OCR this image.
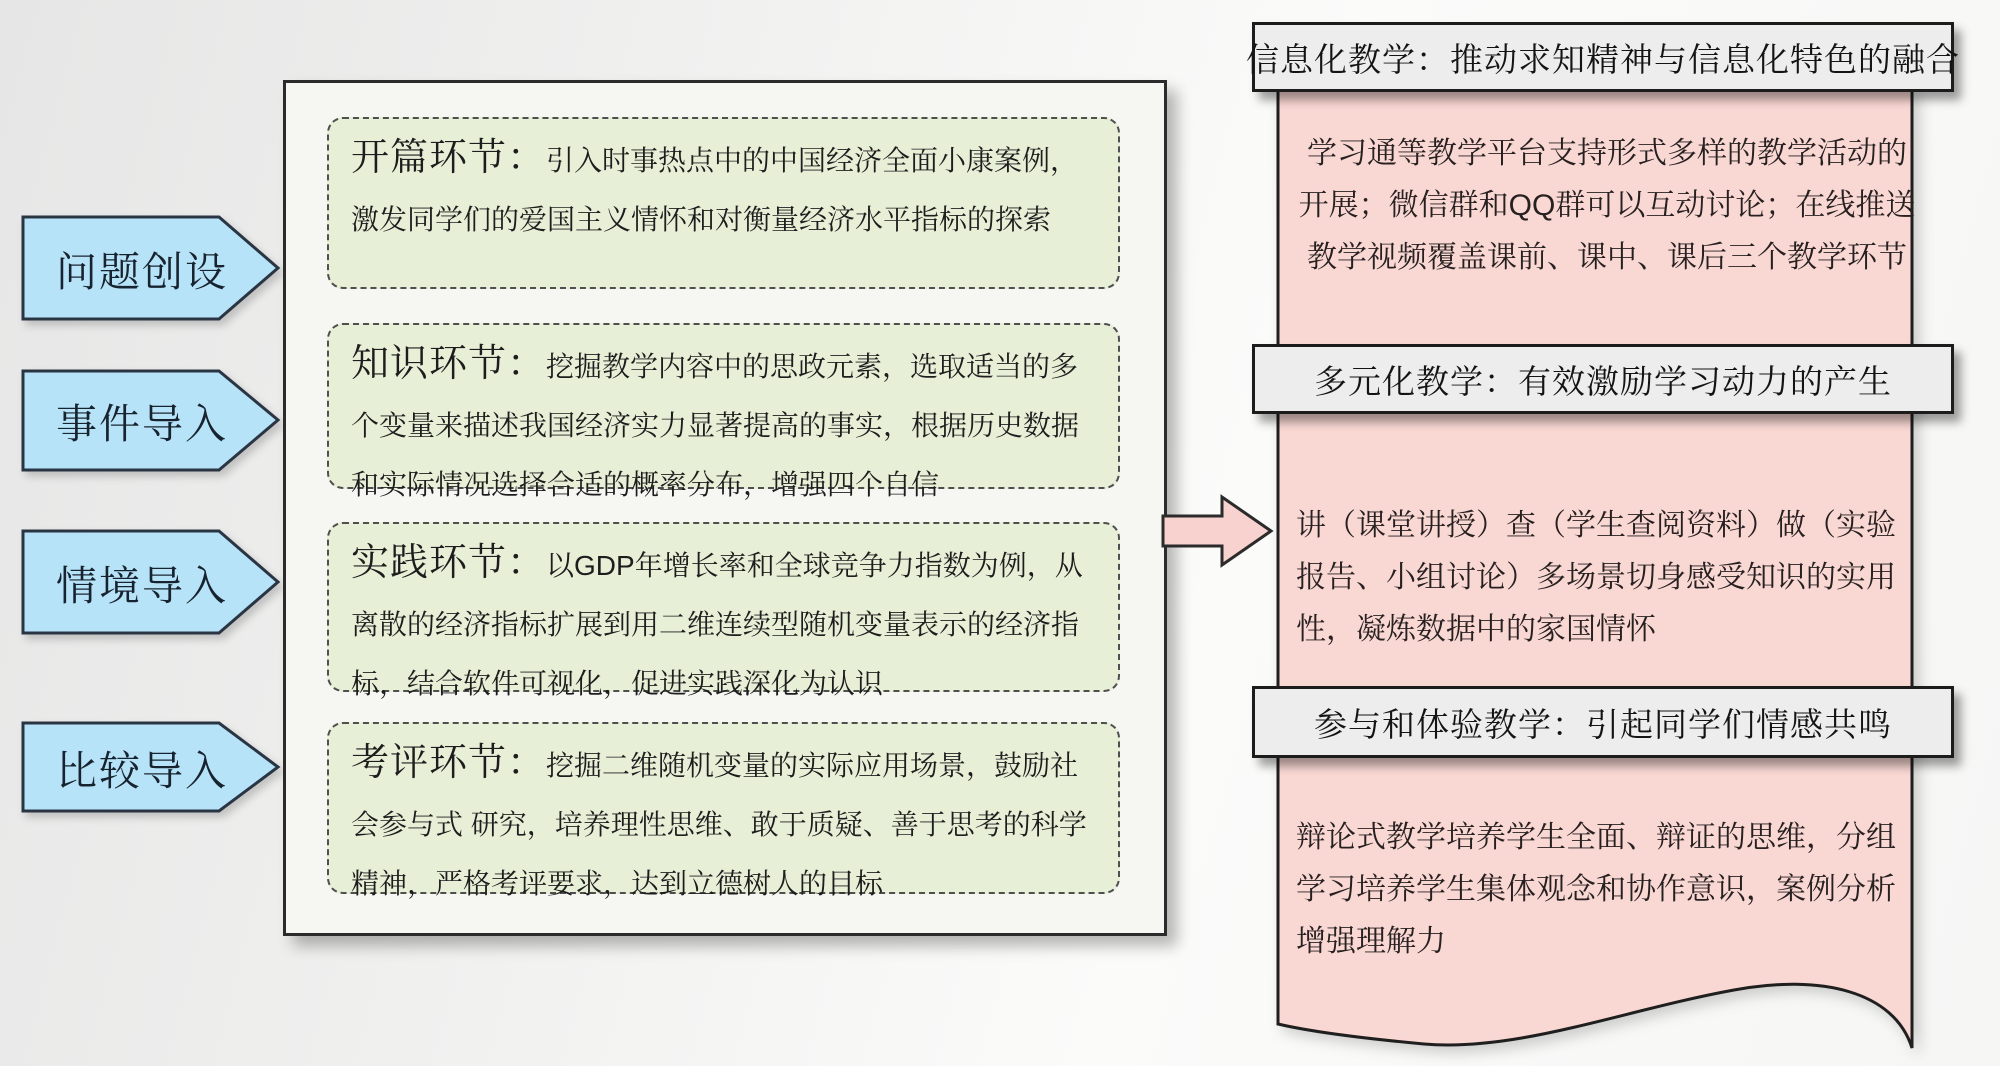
问题创设
事件导入
情境导入
比较导入
开篇环节：引入时事热点中的中国经济全面小康案例，激发同学们的爱国主义情怀和对衡量经济水平指标的探索
知识环节：挖掘教学内容中的思政元素，选取适当的多个变量来描述我国经济实力显著提高的事实，根据历史数据和实际情况选择合适的概率分布，增强四个自信
实践环节：以GDP年增长率和全球竞争力指数为例，从离散的经济指标扩展到用二维连续型随机变量表示的经济指标，结合软件可视化，促进实践深化为认识
考评环节：挖掘二维随机变量的实际应用场景，鼓励社会参与式 研究，培养理性思维、敢于质疑、善于思考的科学精神，严格考评要求，达到立德树人的目标
信息化教学：推动求知精神与信息化特色的融合
学习通等教学平台支持形式多样的教学活动的开展；微信群和QQ群可以互动讨论；在线推送教学视频覆盖课前、课中、课后三个教学环节
多元化教学：有效激励学习动力的产生
讲（课堂讲授）查（学生查阅资料）做（实验报告、小组讨论）多场景切身感受知识的实用性，凝炼数据中的家国情怀
参与和体验教学：引起同学们情感共鸣
辩论式教学培养学生全面、辩证的思维，分组学习培养学生集体观念和协作意识，案例分析增强理解力
